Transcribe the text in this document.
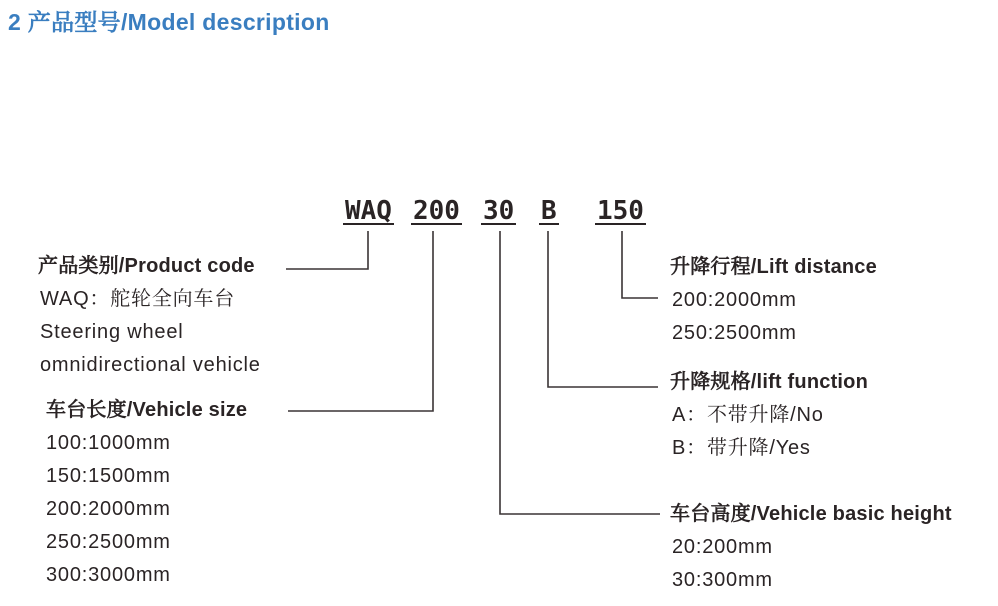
2 产品型号/Model description
WAQ 200 30 B 150
产品类别/Product code
WAQ：舵轮全向车台
Steering wheel
omnidirectional vehicle
车台长度/Vehicle size
100:1000mm
150:1500mm
200:2000mm
250:2500mm
300:3000mm
升降行程/Lift distance
200:2000mm
250:2500mm
升降规格/lift function
A：不带升降/No
B：带升降/Yes
车台高度/Vehicle basic height
20:200mm
30:300mm
